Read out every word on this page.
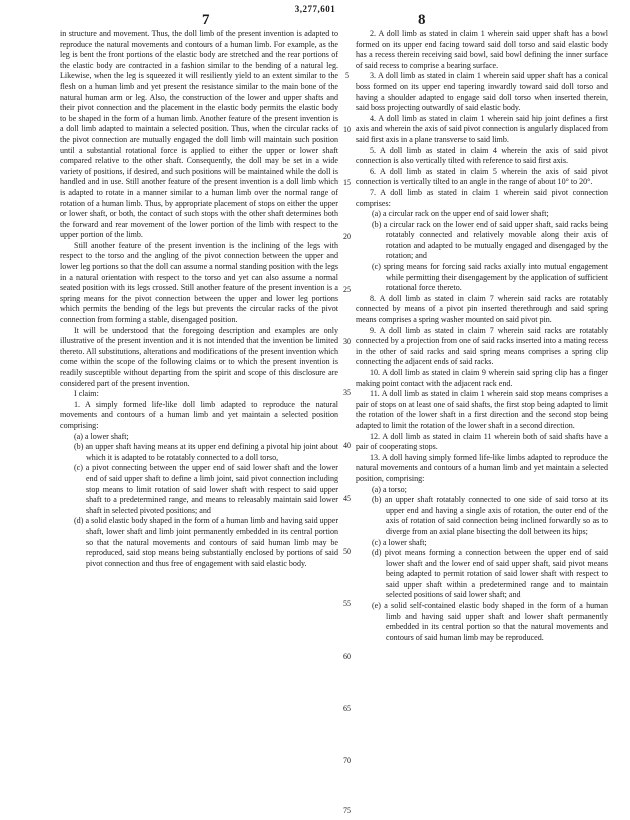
3,277,601
7	8

in structure and movement. Thus, the doll limb of the present invention is adapted to reproduce the natural movements and contours of a human limb. For example, as the leg is bent the front portions of the elastic body are stretched and the rear portions of the elastic body are contracted in a fashion similar to the bending of a natural leg. Likewise, when the leg is squeezed it will resiliently yield to an extent similar to the flesh on a human limb and yet present the resistance similar to the main bone of the natural human arm or leg. Also, the construction of the lower and upper shafts and their pivot connection and the placement in the elastic body permits the elastic body to be shaped in the form of a human limb. Another feature of the present invention is a doll limb adapted to maintain a selected position. Thus, when the circular racks of the pivot connection are mutually engaged the doll limb will maintain such position until a substantial rotational force is applied to either the upper or lower shaft compared relative to the other shaft. Consequently, the doll may be set in a wide variety of positions, if desired, and such positions will be maintained while the doll is handled and in use. Still another feature of the present invention is a doll limb which is adapted to rotate in a manner similar to a human limb over the normal range of rotation of a human limb. Thus, by appropriate placement of stops on either the upper or lower shaft, or both, the contact of such stops with the other shaft determines both the forward and rear movement of the lower portion of the limb with respect to the upper portion of the limb.

Still another feature of the present invention is the inclining of the legs with respect to the torso and the angling of the pivot connection between the upper and lower leg portions so that the doll can assume a normal standing position with the legs in a natural orientation with respect to the torso and yet can also assume a normal seated position with its legs crossed. Still another feature of the present invention is a spring means for the pivot connection between the upper and lower leg portions which permits the bending of the legs but prevents the circular racks of the pivot connection from forming a stable, disengaged position.

It will be understood that the foregoing description and examples are only illustrative of the present invention and it is not intended that the invention be limited thereto. All substitutions, alterations and modifications of the present invention which come within the scope of the following claims or to which the present invention is readily susceptible without departing from the spirit and scope of this disclosure are considered part of the present invention.

I claim:

1. A simply formed life-like doll limb adapted to reproduce the natural movements and contours of a human limb and yet maintain a selected position comprising:

(a) a lower shaft;

(b) an upper shaft having means at its upper end defining a pivotal hip joint about which it is adapted to be rotatably connected to a doll torso,

(c) a pivot connecting between the upper end of said lower shaft and the lower end of said upper shaft to define a limb joint, said pivot connection including stop means to limit rotation of said lower shaft with respect to said upper shaft to a predetermined range, and means to releasably maintain said lower shaft in selected pivoted positions; and

(d) a solid elastic body shaped in the form of a human limb and having said upper shaft, lower shaft and limb joint permanently embedded in its central portion so that the natural movements and contours of said human limb may be reproduced, said stop means being substantially enclosed by portions of said pivot connection and thus free of engagement with said elastic body.

5
10
15
20
25
30
35
40
45
50
55
60
65
70
75

2. A doll limb as stated in claim 1 wherein said upper shaft has a bowl formed on its upper end facing toward said doll torso and said elastic body has a recess therein receiving said bowl, said bowl defining the inner surface of said recess to comprise a bearing surface.

3. A doll limb as stated in claim 1 wherein said upper shaft has a conical boss formed on its upper end tapering inwardly toward said doll torso and having a shoulder adapted to engage said doll torso when inserted therein, said boss projecting outwardly of said elastic body.

4. A doll limb as stated in claim 1 wherein said hip joint defines a first axis and wherein the axis of said pivot connection is angularly displaced from said first axis in a plane transverse to said limb.

5. A doll limb as stated in claim 4 wherein the axis of said pivot connection is also vertically tilted with reference to said first axis.

6. A doll limb as stated in claim 5 wherein the axis of said pivot connection is vertically tilted to an angle in the range of about 10° to 20°.

7. A doll limb as stated in claim 1 wherein said pivot connection comprises:

(a) a circular rack on the upper end of said lower shaft;

(b) a circular rack on the lower end of said upper shaft, said racks being rotatably connected and relatively movable along their axis of rotation and adapted to be mutually engaged and disengaged by the rotation; and

(c) spring means for forcing said racks axially into mutual engagement while permitting their disengagement by the application of sufficient rotational force thereto.

8. A doll limb as stated in claim 7 wherein said racks are rotatably connected by means of a pivot pin inserted therethrough and said spring means comprises a spring washer mounted on said pivot pin.

9. A doll limb as stated in claim 7 wherein said racks are rotatably connected by a projection from one of said racks inserted into a mating recess in the other of said racks and said spring means comprises a spring clip connecting the adjacent ends of said racks.

10. A doll limb as stated in claim 9 wherein said spring clip has a finger making point contact with the adjacent rack end.

11. A doll limb as stated in claim 1 wherein said stop means comprises a pair of stops on at least one of said shafts, the first stop being adapted to limit the rotation of the lower shaft in a first direction and the second stop being adapted to limit the rotation of the lower shaft in a second direction.

12. A doll limb as stated in claim 11 wherein both of said shafts have a pair of cooperating stops.

13. A doll having simply formed life-like limbs adapted to reproduce the natural movements and contours of a human limb and yet maintain a selected position, comprising:

(a) a torso;

(b) an upper shaft rotatably connected to one side of said torso at its upper end and having a single axis of rotation, the outer end of the axis of rotation of said connection being inclined forwardly so as to diverge from an axial plane bisecting the doll between its hips;

(c) a lower shaft;

(d) pivot means forming a connection between the upper end of said lower shaft and the lower end of said upper shaft, said pivot means being adapted to permit rotation of said lower shaft with respect to said upper shaft within a predetermined range and to maintain selected positions of said lower shaft; and

(e) a solid self-contained elastic body shaped in the form of a human limb and having said upper shaft and lower shaft permanently embedded in its central portion so that the natural movements and contours of said human limb may be reproduced.
